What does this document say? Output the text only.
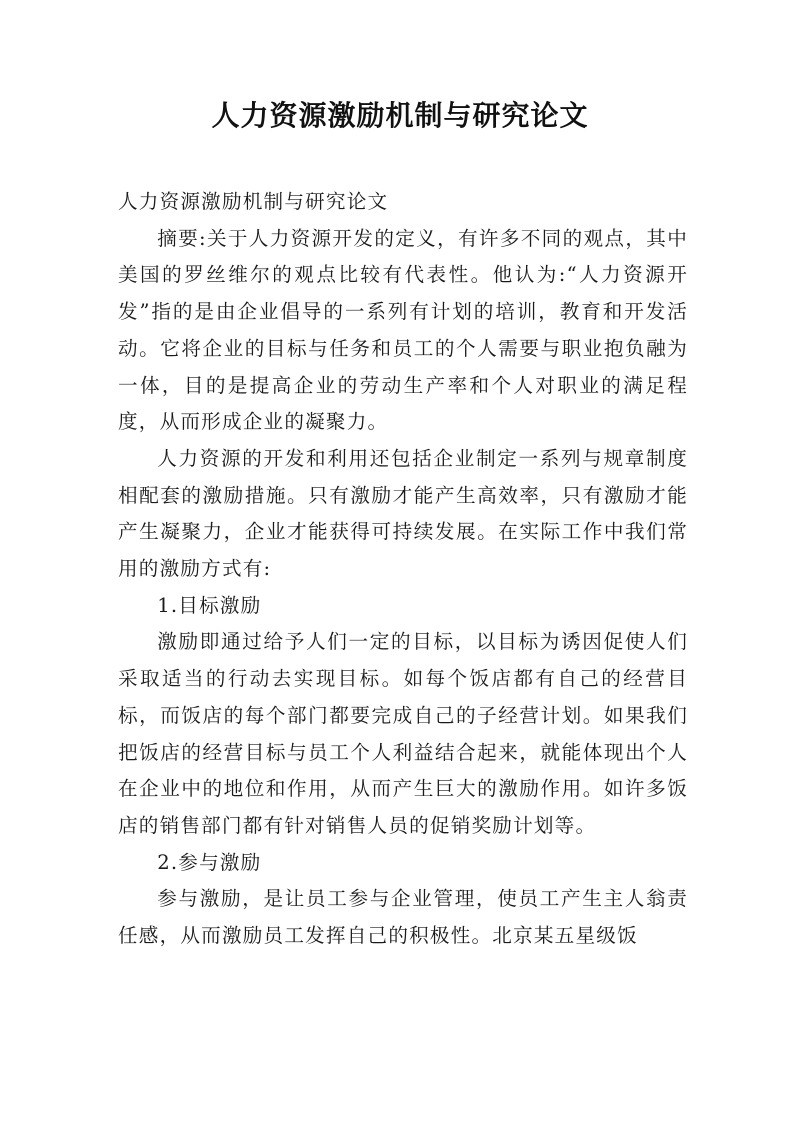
人力资源激励机制与研究论文

人力资源激励机制与研究论文

摘要:关于人力资源开发的定义，有许多不同的观点，其中美国的罗丝维尔的观点比较有代表性。他认为:“人力资源开发”指的是由企业倡导的一系列有计划的培训，教育和开发活动。它将企业的目标与任务和员工的个人需要与职业抱负融为一体，目的是提高企业的劳动生产率和个人对职业的满足程度，从而形成企业的凝聚力。

人力资源的开发和利用还包括企业制定一系列与规章制度相配套的激励措施。只有激励才能产生高效率，只有激励才能产生凝聚力，企业才能获得可持续发展。在实际工作中我们常用的激励方式有:

1.目标激励

激励即通过给予人们一定的目标，以目标为诱因促使人们采取适当的行动去实现目标。如每个饭店都有自己的经营目标，而饭店的每个部门都要完成自己的子经营计划。如果我们把饭店的经营目标与员工个人利益结合起来，就能体现出个人在企业中的地位和作用，从而产生巨大的激励作用。如许多饭店的销售部门都有针对销售人员的促销奖励计划等。

2.参与激励

参与激励，是让员工参与企业管理，使员工产生主人翁责任感，从而激励员工发挥自己的积极性。北京某五星级饭
